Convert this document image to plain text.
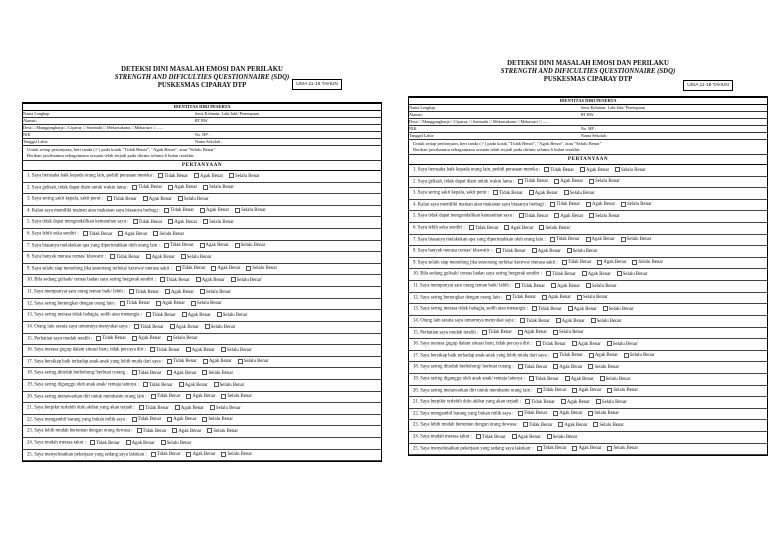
DETEKSI DINI MASALAH EMOSI DAN PERILAKU
STRENGTH AND DIFICULTIES QUESTIONNAIRE (SDQ)
PUSKESMAS CIPARAY DTP	USIA 11-18 TAHUN
IDENTITAS DIRI PESERTA
Nama Lengkap	Jenis Kelamin: Laki-laki/ Perempuan
Alamat:	RT RW
Desa □ Manggungharja □ Ciparay □ Sarimahi □ Mekarsakana □ Mekarsari □ ......
NIK	No. HP :
Tanggal Lahir:	Nama Sekolah :
Untuk setiap pertanyaan, beri tanda (✓) pada kotak "Tidak Benar", "Agak Benar", atau "Selalu Benar"
Berikan jawabanmu sebagaimana sesuatu telah terjadi pada dirimu selama 6 bulan terakhir.
PERTANYAAN
1. Saya berusaha baik kepada orang lain, peduli perasaan mereka : Tidak Benar	Agak Benar	Selalu Benar
2. Saya gelisah, tidak dapat diam untuk waktu lama : Tidak Benar	Agak Benar	Selalu Benar
3. Saya sering sakit kepala, sakit perut : Tidak Benar	Agak Benar	Selalu Benar
4. Kalau saya memiliki mainan atau makanan saya biasanya berbagi : Tidak Benar	Agak Benar	Selalu Benar
5. Saya tidak dapat mengendalikan kemarahan saya : Tidak Benar	Agak Benar	Selalu Benar
6. Saya lebih suka sendiri : Tidak Benar	Agak Benar	Selalu Benar
7. Saya biasanya melakukan apa yang diperintahkan oleh orang lain : Tidak Benar	Agak Benar	Selalu Benar
8. Saya banyak merasa cemas/ khawatir : Tidak Benar	Agak Benar	Selalu Benar
9. Saya selalu siap menolong jika seseorang terluka/ kecewa/ merasa sakit : Tidak Benar	Agak Benar	Selalu Benar
10. Bila sedang gelisah/ cemas badan saya sering bergerak sendiri : Tidak Benar	Agak Benar	Selalu Benar
11. Saya mempunyai satu orang teman baik/ lebih : Tidak Benar	Agak Benar	Selalu Benar
12. Saya sering bertengkar dengan orang lain : Tidak Benar	Agak Benar	Selalu Benar
13. Saya sering merasa tidak bahagia, sedih atau menangis : Tidak Benar	Agak Benar	Selalu Benar
14. Orang lain sesuia saya umumnya menyukai saya : Tidak Benar	Agak Benar	Selalu Benar
15. Perhatian saya mudah teralih : Tidak Benar	Agak Benar	Selalu Benar
16. Saya merasa gugup dalam situasi baru, tidak percaya diri : Tidak Benar	Agak Benar	Selalu Benar
17. Saya bersikap baik terhadap anak-anak yang lebih muda dari saya : Tidak Benar	Agak Benar	Selalu Benar
18. Saya sering dituduh berbohong/ berbuat curang : Tidak Benar	Agak Benar	Selalu Benar
19. Saya sering diganggu oleh anak anak/ remaja lainnya : Tidak Benar	Agak Benar	Selalu Benar
20. Saya sering menawarkan diri untuk membantu orang lain : Tidak Benar	Agak Benar	Selalu Benar
21. Saya berpikir terlebih dulu akibat yang akan terjadi : Tidak Benar	Agak Benar	Selalu Benar
22. Saya mengambil barang yang bukan milik saya : Tidak Benar	Agak Benar	Selalu Benar
23. Saya lebih mudah berteman dengan orang dewasa : Tidak Benar	Agak Benar	Selalu Benar
24. Saya mudah merasa takut : Tidak Benar	Agak Benar	Selalu Benar
25. Saya menyelesaikan pekerjaan yang sedang saya lakukan : Tidak Benar	Agak Benar	Selalu Benar
DETEKSI DINI MASALAH EMOSI DAN PERILAKU
STRENGTH AND DIFICULTIES QUESTIONNAIRE (SDQ)
PUSKESMAS CIPARAY DTP
USIA 11-18 TAHUN
IDENTITAS DIRI PESERTA
Nama Lengkap	Jenis Kelamin: Laki-laki/ Perempuan
Alamat:	RT RW
Desa □ Manggungharja □ Ciparay □ Sarimahi □ Mekarsakana □ Mekarsari □ ......
NIK	No. HP :
Tanggal Lahir:	Nama Sekolah :
Untuk setiap pertanyaan, beri tanda (✓) pada kotak "Tidak Benar", "Agak Benar", atau "Selalu Benar"
Berikan jawabanmu sebagaimana sesuatu telah terjadi pada dirimu selama 6 bulan terakhir.
PERTANYAAN
1. Saya berusaha baik kepada orang lain, peduli perasaan mereka : Tidak Benar	Agak Benar	Selalu Benar
2. Saya gelisah, tidak dapat diam untuk waktu lama : Tidak Benar	Agak Benar	Selalu Benar
3. Saya sering sakit kepala, sakit perut : Tidak Benar	Agak Benar	Selalu Benar
4. Kalau saya memiliki mainan atau makanan saya biasanya berbagi : Tidak Benar	Agak Benar	Selalu Benar
5. Saya tidak dapat mengendalikan kemarahan saya : Tidak Benar	Agak Benar	Selalu Benar
6. Saya lebih suka sendiri : Tidak Benar	Agak Benar	Selalu Benar
7. Saya biasanya melakukan apa yang diperintahkan oleh orang lain : Tidak Benar	Agak Benar	Selalu Benar
8. Saya banyak merasa cemas/ khawatir : Tidak Benar	Agak Benar	Selalu Benar
9. Saya selalu siap menolong jika seseorang terluka/ kecewa/ merasa sakit : Tidak Benar	Agak Benar	Selalu Benar
10. Bila sedang gelisah/ cemas badan saya sering bergerak sendiri : Tidak Benar	Agak Benar	Selalu Benar
11. Saya mempunyai satu orang teman baik/ lebih : Tidak Benar	Agak Benar	Selalu Benar
12. Saya sering bertengkar dengan orang lain : Tidak Benar	Agak Benar	Selalu Benar
13. Saya sering merasa tidak bahagia, sedih atau menangis : Tidak Benar	Agak Benar	Selalu Benar
14. Orang lain sesuia saya umumnya menyukai saya : Tidak Benar	Agak Benar	Selalu Benar
15. Perhatian saya mudah teralih : Tidak Benar	Agak Benar	Selalu Benar
16. Saya merasa gugup dalam situasi baru, tidak percaya diri : Tidak Benar	Agak Benar	Selalu Benar
17. Saya bersikap baik terhadap anak-anak yang lebih muda dari saya : Tidak Benar	Agak Benar	Selalu Benar
18. Saya sering dituduh berbohong/ berbuat curang : Tidak Benar	Agak Benar	Selalu Benar
19. Saya sering diganggu oleh anak anak/ remaja lainnya : Tidak Benar	Agak Benar	Selalu Benar
20. Saya sering menawarkan diri untuk membantu orang lain : Tidak Benar	Agak Benar	Selalu Benar
21. Saya berpikir terlebih dulu akibat yang akan terjadi : Tidak Benar	Agak Benar	Selalu Benar
22. Saya mengambil barang yang bukan milik saya : Tidak Benar	Agak Benar	Selalu Benar
23. Saya lebih mudah berteman dengan orang dewasa : Tidak Benar	Agak Benar	Selalu Benar
24. Saya mudah merasa takut : Tidak Benar	Agak Benar	Selalu Benar
25. Saya menyelesaikan pekerjaan yang sedang saya lakukan : Tidak Benar	Agak Benar	Selalu Benar
